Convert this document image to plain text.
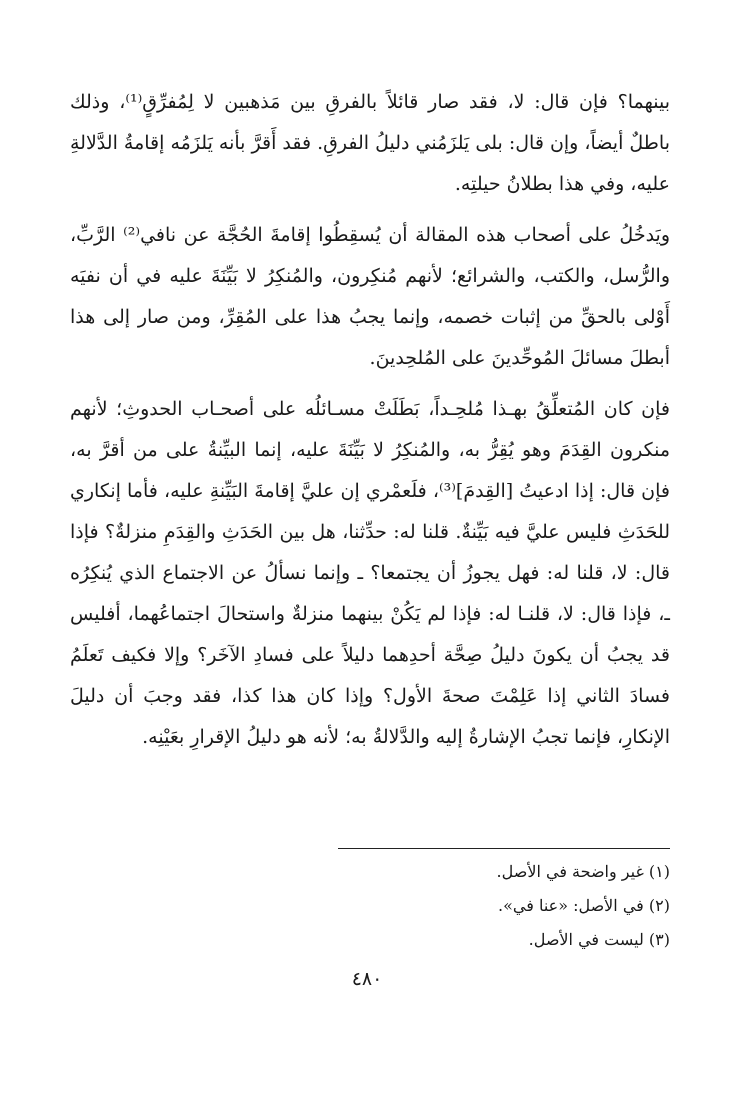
بينهما؟ فإن قال: لا، فقد صار قائلاً بالفرقِ بين مَذهبين لا لِمُفرِّقٍ⁽¹⁾، وذلك باطلٌ أيضاً، وإن قال: بلى يَلزَمُني دليلُ الفرقِ. فقد أَقرَّ بأنه يَلزَمُه إقامةُ الدَّلالةِ عليه، وفي هذا بطلانُ حيلتِه.

ويَدخُلُ على أصحاب هذه المقالة أن يُسقِطُوا إقامةَ الحُجَّة عن نافي⁽²⁾ الرَّبِّ، والرُّسل، والكتب، والشرائع؛ لأنهم مُنكِرون، والمُنكِرُ لا بَيِّنَةَ عليه في أن نفيَه أَوْلى بالحقِّ من إثبات خصمه، وإنما يجبُ هذا على المُقِرِّ، ومن صار إلى هذا أبطلَ مسائلَ المُوحِّدينَ على المُلحِدينَ.

فإن كان المُتعلِّقُ بهـذا مُلحِـداً، بَطَلَتْ مسـائلُه على أصحـاب الحدوثِ؛ لأنهم منكرون القِدَمَ وهو يُقِرُّ به، والمُنكِرُ لا بَيِّنَةَ عليه، إنما البيِّنةُ على من أقرَّ به، فإن قال: إذا ادعيتُ [القِدمَ]⁽³⁾، فلَعمْري إن عليَّ إقامةَ البَيِّنةِ عليه، فأما إنكاري للحَدَثِ فليس عليَّ فيه بَيِّنةٌ. قلنا له: حدِّثنا، هل بين الحَدَثِ والقِدَمِ منزلةٌ؟ فإذا قال: لا، قلنا له: فهل يجوزُ أن يجتمعا؟ ـ وإنما نسألُ عن الاجتماع الذي يُنكِرُه ـ، فإذا قال: لا، قلنـا له: فإذا لم يَكُنْ بينهما منزلةٌ واستحالَ اجتماعُهما، أفليس قد يجبُ أن يكونَ دليلُ صِحَّة أحدِهما دليلاً على فسادِ الآخَر؟ وإلا فكيف تَعلَمُ فسادَ الثاني إذا عَلِمْتَ صحةَ الأول؟ وإذا كان هذا كذا، فقد وجبَ أن دليلَ الإنكارِ، فإنما تجبُ الإشارةُ إليه والدَّلالةُ به؛ لأنه هو دليلُ الإقرارِ بعَيْنِه.

(١) غير واضحة في الأصل.

(٢) في الأصل: «عنا في».

(٣) ليست في الأصل.

٤٨٠
